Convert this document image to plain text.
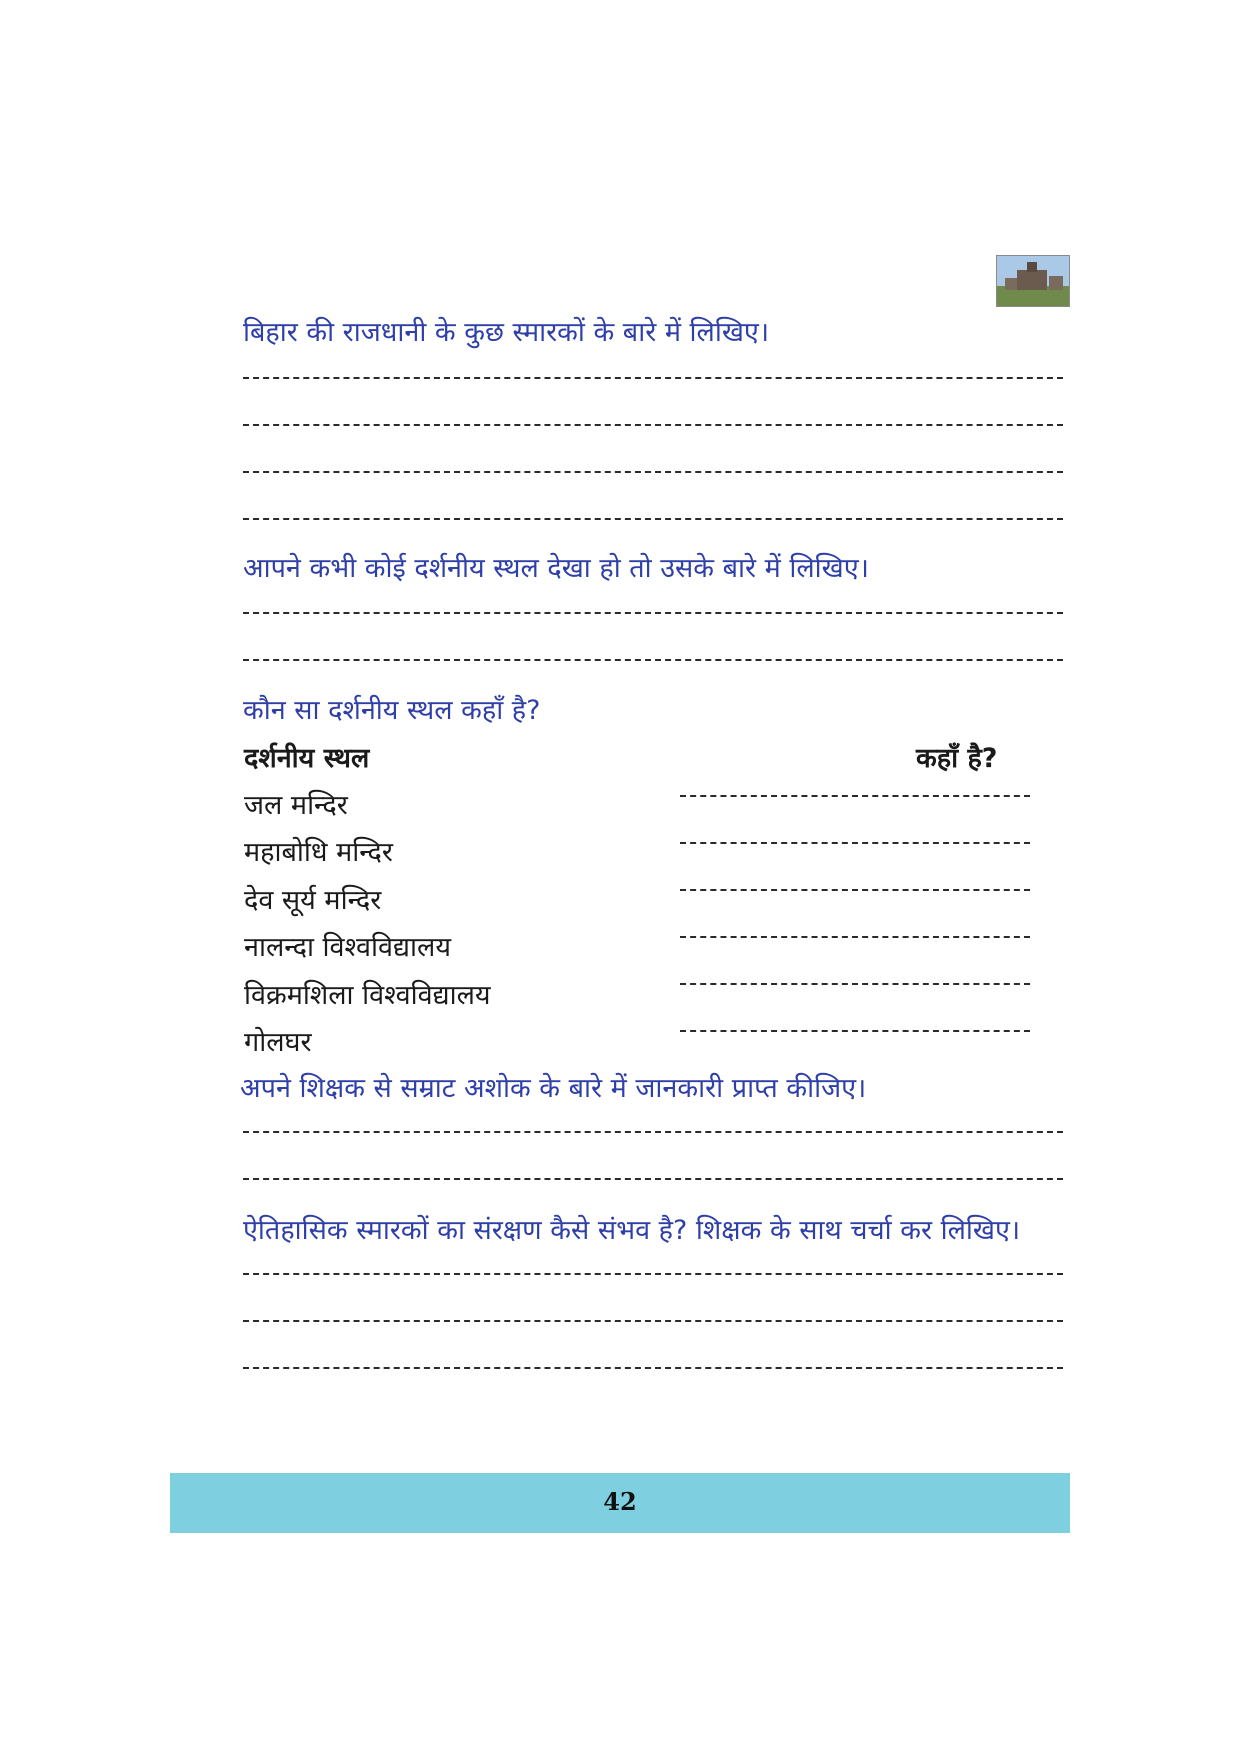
बिहार की राजधानी के कुछ स्मारकों के बारे में लिखिए।
आपने कभी कोई दर्शनीय स्थल देखा हो तो उसके बारे में लिखिए।
कौन सा दर्शनीय स्थल कहाँ है?
दर्शनीय स्थल	कहाँ है?
जल मन्दिर
महाबोधि मन्दिर
देव सूर्य मन्दिर
नालन्दा विश्वविद्यालय
विक्रमशिला विश्वविद्यालय
गोलघर
अपने शिक्षक से सम्राट अशोक के बारे में जानकारी प्राप्त कीजिए।
ऐतिहासिक स्मारकों का संरक्षण कैसे संभव है? शिक्षक के साथ चर्चा कर लिखिए।
42
